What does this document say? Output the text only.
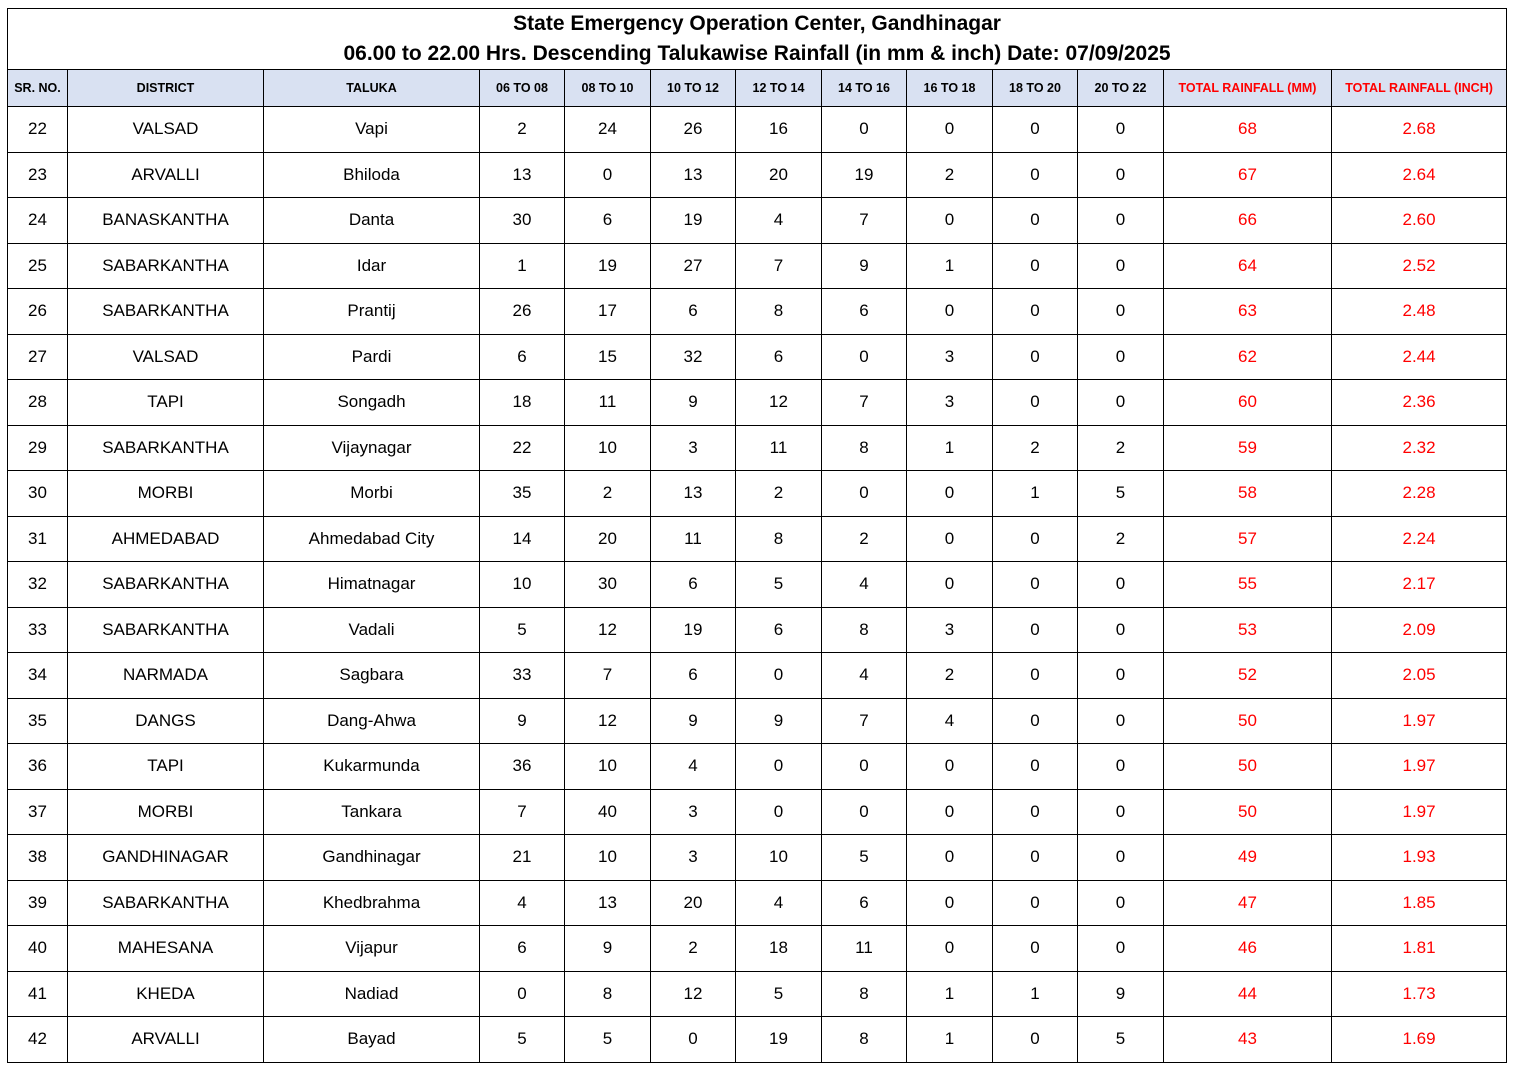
State Emergency Operation Center, Gandhinagar												
06.00 to 22.00 Hrs. Descending Talukawise Rainfall (in mm & inch) Date: 07/09/2025												
SR. NO.	DISTRICT	TALUKA	06 TO 08	08 TO 10	10 TO 12	12 TO 14	14 TO 16	16 TO 18	18 TO 20	20 TO 22	TOTAL RAINFALL (MM)	TOTAL RAINFALL (INCH)
22	VALSAD	Vapi	2	24	26	16	0	0	0	0	68	2.68
23	ARVALLI	Bhiloda	13	0	13	20	19	2	0	0	67	2.64
24	BANASKANTHA	Danta	30	6	19	4	7	0	0	0	66	2.60
25	SABARKANTHA	Idar	1	19	27	7	9	1	0	0	64	2.52
26	SABARKANTHA	Prantij	26	17	6	8	6	0	0	0	63	2.48
27	VALSAD	Pardi	6	15	32	6	0	3	0	0	62	2.44
28	TAPI	Songadh	18	11	9	12	7	3	0	0	60	2.36
29	SABARKANTHA	Vijaynagar	22	10	3	11	8	1	2	2	59	2.32
30	MORBI	Morbi	35	2	13	2	0	0	1	5	58	2.28
31	AHMEDABAD	Ahmedabad City	14	20	11	8	2	0	0	2	57	2.24
32	SABARKANTHA	Himatnagar	10	30	6	5	4	0	0	0	55	2.17
33	SABARKANTHA	Vadali	5	12	19	6	8	3	0	0	53	2.09
34	NARMADA	Sagbara	33	7	6	0	4	2	0	0	52	2.05
35	DANGS	Dang-Ahwa	9	12	9	9	7	4	0	0	50	1.97
36	TAPI	Kukarmunda	36	10	4	0	0	0	0	0	50	1.97
37	MORBI	Tankara	7	40	3	0	0	0	0	0	50	1.97
38	GANDHINAGAR	Gandhinagar	21	10	3	10	5	0	0	0	49	1.93
39	SABARKANTHA	Khedbrahma	4	13	20	4	6	0	0	0	47	1.85
40	MAHESANA	Vijapur	6	9	2	18	11	0	0	0	46	1.81
41	KHEDA	Nadiad	0	8	12	5	8	1	1	9	44	1.73
42	ARVALLI	Bayad	5	5	0	19	8	1	0	5	43	1.69
